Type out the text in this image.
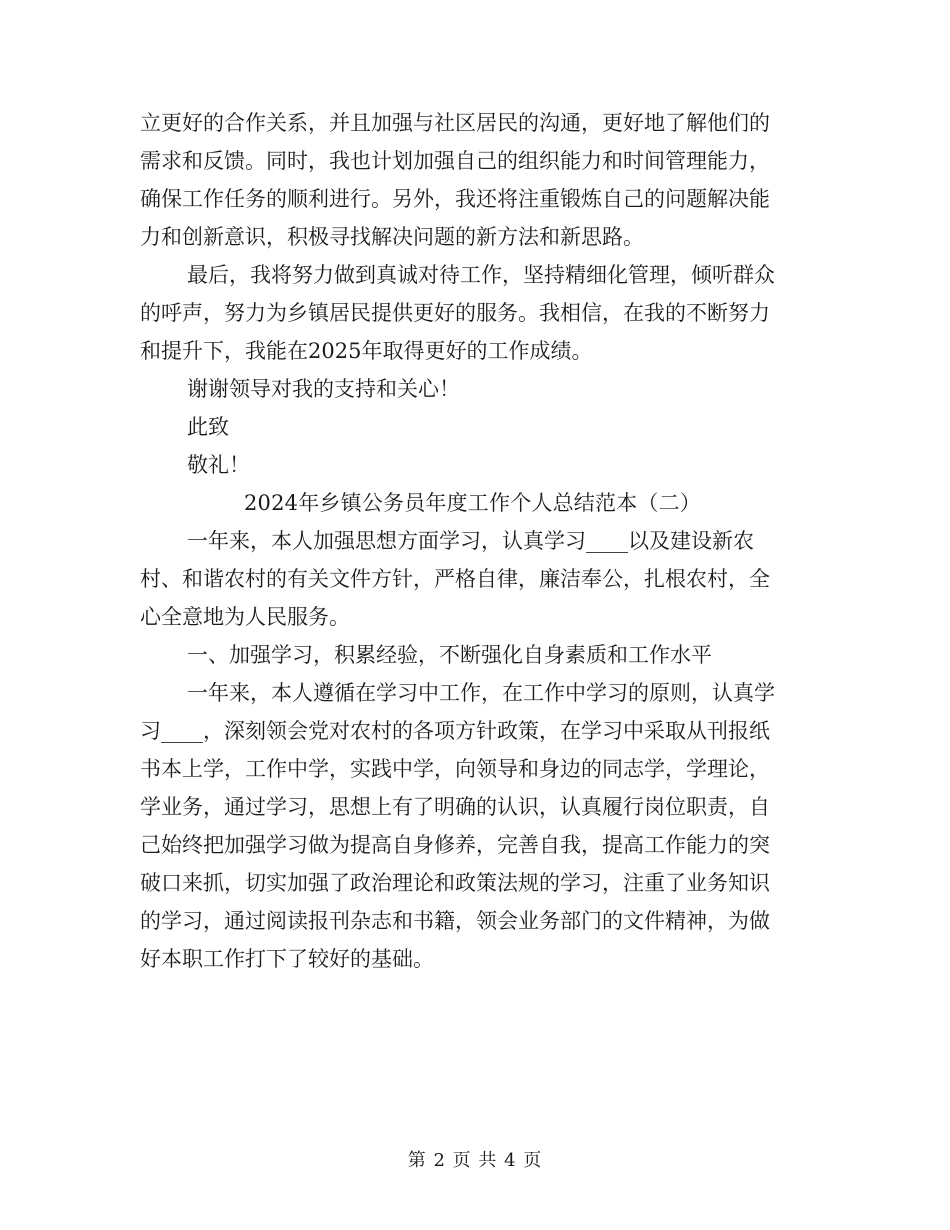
立更好的合作关系，并且加强与社区居民的沟通，更好地了解他们的
需求和反馈。同时，我也计划加强自己的组织能力和时间管理能力，
确保工作任务的顺利进行。另外，我还将注重锻炼自己的问题解决能
力和创新意识，积极寻找解决问题的新方法和新思路。
最后，我将努力做到真诚对待工作，坚持精细化管理，倾听群众
的呼声，努力为乡镇居民提供更好的服务。我相信，在我的不断努力
和提升下，我能在2025年取得更好的工作成绩。
谢谢领导对我的支持和关心！
此致
敬礼！
2024年乡镇公务员年度工作个人总结范本（二）
一年来，本人加强思想方面学习，认真学习____以及建设新农
村、和谐农村的有关文件方针，严格自律，廉洁奉公，扎根农村，全
心全意地为人民服务。
一、加强学习，积累经验，不断强化自身素质和工作水平
一年来，本人遵循在学习中工作，在工作中学习的原则，认真学
习____，深刻领会党对农村的各项方针政策，在学习中采取从刊报纸
书本上学，工作中学，实践中学，向领导和身边的同志学，学理论，
学业务，通过学习，思想上有了明确的认识，认真履行岗位职责，自
己始终把加强学习做为提高自身修养，完善自我，提高工作能力的突
破口来抓，切实加强了政治理论和政策法规的学习，注重了业务知识
的学习，通过阅读报刊杂志和书籍，领会业务部门的文件精神，为做
好本职工作打下了较好的基础。
第 2 页 共 4 页
